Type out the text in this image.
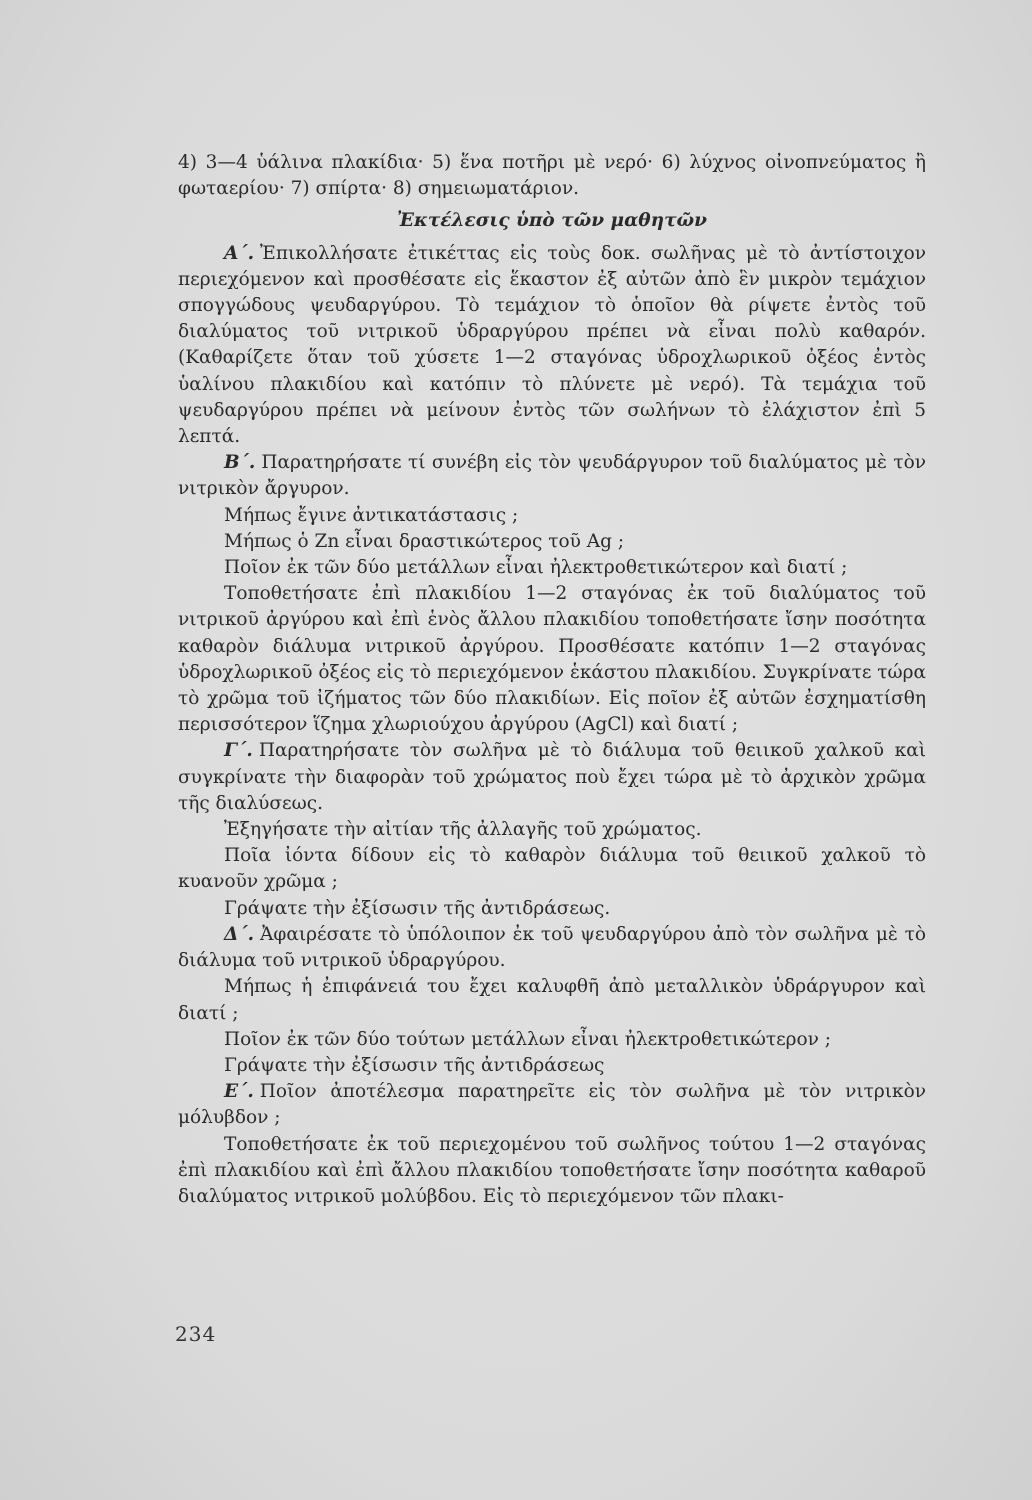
4) 3—4 ὑάλινα πλακίδια· 5) ἕνα ποτῆρι μὲ νερό· 6) λύχνος οἰνοπνεύματος ἢ φωταερίου· 7) σπίρτα· 8) σημειωματάριον.

Ἐκτέλεσις ὑπὸ τῶν μαθητῶν

Α΄. Ἐπικολλήσατε ἐτικέττας εἰς τοὺς δοκ. σωλῆνας μὲ τὸ ἀντίστοιχον περιεχόμενον καὶ προσθέσατε εἰς ἕκαστον ἐξ αὐτῶν ἀπὸ ἓν μικρὸν τεμάχιον σπογγώδους ψευδαργύρου. Τὸ τεμάχιον τὸ ὁποῖον θὰ ρίψετε ἐντὸς τοῦ διαλύματος τοῦ νιτρικοῦ ὑδραργύρου πρέπει νὰ εἶναι πολὺ καθαρόν. (Καθαρίζετε ὅταν τοῦ χύσετε 1—2 σταγόνας ὑδροχλωρικοῦ ὀξέος ἐντὸς ὑαλίνου πλακιδίου καὶ κατόπιν τὸ πλύνετε μὲ νερό). Τὰ τεμάχια τοῦ ψευδαργύρου πρέπει νὰ μείνουν ἐντὸς τῶν σωλήνων τὸ ἐλάχιστον ἐπὶ 5 λεπτά.

Β΄. Παρατηρήσατε τί συνέβη εἰς τὸν ψευδάργυρον τοῦ διαλύματος μὲ τὸν νιτρικὸν ἄργυρον.

Μήπως ἔγινε ἀντικατάστασις ;

Μήπως ὁ Zn εἶναι δραστικώτερος τοῦ Ag ;

Ποῖον ἐκ τῶν δύο μετάλλων εἶναι ἠλεκτροθετικώτερον καὶ διατί ;

Τοποθετήσατε ἐπὶ πλακιδίου 1—2 σταγόνας ἐκ τοῦ διαλύματος τοῦ νιτρικοῦ ἀργύρου καὶ ἐπὶ ἑνὸς ἄλλου πλακιδίου τοποθετήσατε ἴσην ποσότητα καθαρὸν διάλυμα νιτρικοῦ ἀργύρου. Προσθέσατε κατόπιν 1—2 σταγόνας ὑδροχλωρικοῦ ὀξέος εἰς τὸ περιεχόμενον ἑκάστου πλακιδίου. Συγκρίνατε τώρα τὸ χρῶμα τοῦ ἰζήματος τῶν δύο πλακιδίων. Εἰς ποῖον ἐξ αὐτῶν ἐσχηματίσθη περισσότερον ἵζημα χλωριούχου ἀργύρου (AgCl) καὶ διατί ;

Γ΄. Παρατηρήσατε τὸν σωλῆνα μὲ τὸ διάλυμα τοῦ θειικοῦ χαλκοῦ καὶ συγκρίνατε τὴν διαφορὰν τοῦ χρώματος ποὺ ἔχει τώρα μὲ τὸ ἀρχικὸν χρῶμα τῆς διαλύσεως.

Ἐξηγήσατε τὴν αἰτίαν τῆς ἀλλαγῆς τοῦ χρώματος.

Ποῖα ἰόντα δίδουν εἰς τὸ καθαρὸν διάλυμα τοῦ θειικοῦ χαλκοῦ τὸ κυανοῦν χρῶμα ;

Γράψατε τὴν ἐξίσωσιν τῆς ἀντιδράσεως.

Δ΄. Ἀφαιρέσατε τὸ ὑπόλοιπον ἐκ τοῦ ψευδαργύρου ἀπὸ τὸν σωλῆνα μὲ τὸ διάλυμα τοῦ νιτρικοῦ ὑδραργύρου.

Μήπως ἡ ἐπιφάνειά του ἔχει καλυφθῆ ἀπὸ μεταλλικὸν ὑδράργυρον καὶ διατί ;

Ποῖον ἐκ τῶν δύο τούτων μετάλλων εἶναι ἠλεκτροθετικώτερον ;

Γράψατε τὴν ἐξίσωσιν τῆς ἀντιδράσεως

Ε΄. Ποῖον ἀποτέλεσμα παρατηρεῖτε εἰς τὸν σωλῆνα μὲ τὸν νιτρικὸν μόλυβδον ;

Τοποθετήσατε ἐκ τοῦ περιεχομένου τοῦ σωλῆνος τούτου 1—2 σταγόνας ἐπὶ πλακιδίου καὶ ἐπὶ ἄλλου πλακιδίου τοποθετήσατε ἴσην ποσότητα καθαροῦ διαλύματος νιτρικοῦ μολύβδου. Εἰς τὸ περιεχόμενον τῶν πλακι-

234
